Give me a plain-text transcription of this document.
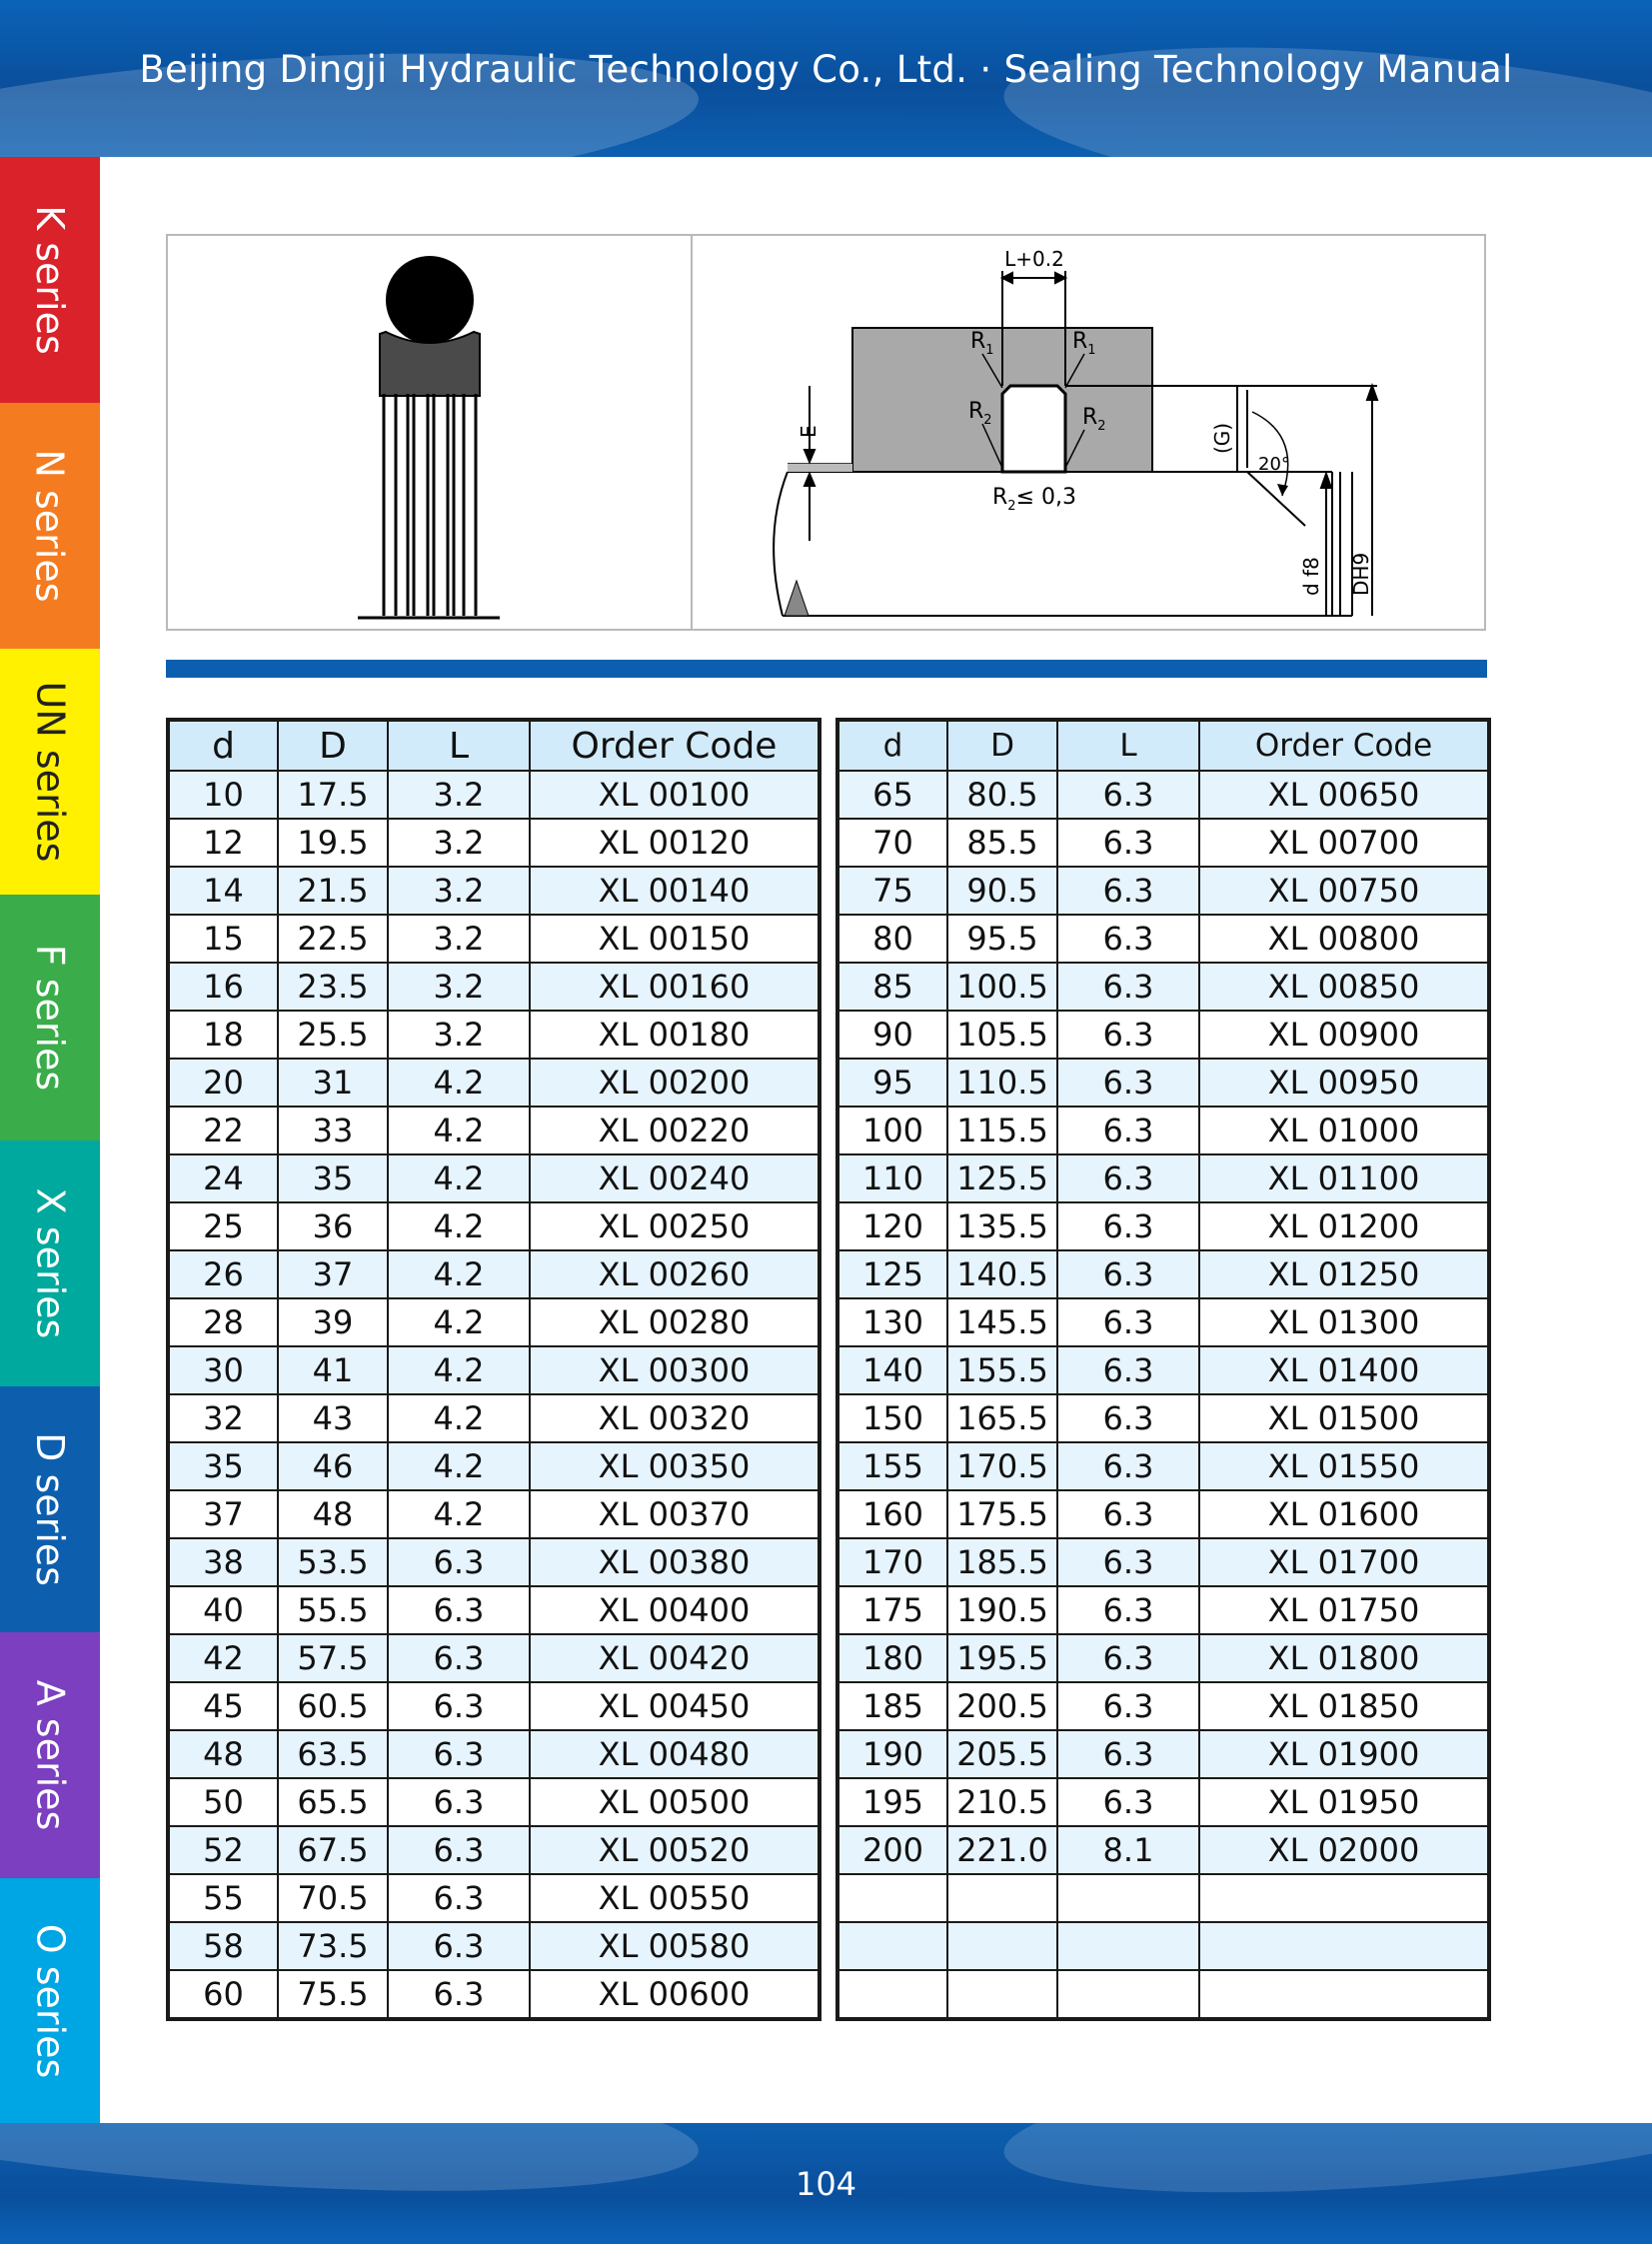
Beijing Dingji Hydraulic Technology Co., Ltd. · Sealing Technology Manual
K series
N series
UN series
F series
X series
D series
A series
O series
L+0.2
$R_1$	$R_1$
$R_2$	$R_2$
$R_2\le 0,3$
E	(G)
20°
d f8 DH9
d	D	L	Order Code
10	17.5	3.2	XL 00100
12	19.5	3.2	XL 00120
14	21.5	3.2	XL 00140
15	22.5	3.2	XL 00150
16	23.5	3.2	XL 00160
18	25.5	3.2	XL 00180
20	31	4.2	XL 00200
22	33	4.2	XL 00220
24	35	4.2	XL 00240
25	36	4.2	XL 00250
26	37	4.2	XL 00260
28	39	4.2	XL 00280
30	41	4.2	XL 00300
32	43	4.2	XL 00320
35	46	4.2	XL 00350
37	48	4.2	XL 00370
38	53.5	6.3	XL 00380
40	55.5	6.3	XL 00400
42	57.5	6.3	XL 00420
45	60.5	6.3	XL 00450
48	63.5	6.3	XL 00480
50	65.5	6.3	XL 00500
52	67.5	6.3	XL 00520
55	70.5	6.3	XL 00550
58	73.5	6.3	XL 00580
60	75.5	6.3	XL 00600
d	D	L	Order Code
65	80.5	6.3	XL 00650
70	85.5	6.3	XL 00700
75	90.5	6.3	XL 00750
80	95.5	6.3	XL 00800
85	100.5	6.3	XL 00850
90	105.5	6.3	XL 00900
95	110.5	6.3	XL 00950
100	115.5	6.3	XL 01000
110	125.5	6.3	XL 01100
120	135.5	6.3	XL 01200
125	140.5	6.3	XL 01250
130	145.5	6.3	XL 01300
140	155.5	6.3	XL 01400
150	165.5	6.3	XL 01500
155	170.5	6.3	XL 01550
160	175.5	6.3	XL 01600
170	185.5	6.3	XL 01700
175	190.5	6.3	XL 01750
180	195.5	6.3	XL 01800
185	200.5	6.3	XL 01850
190	205.5	6.3	XL 01900
195	210.5	6.3	XL 01950
200	221.0	8.1	XL 02000

104
